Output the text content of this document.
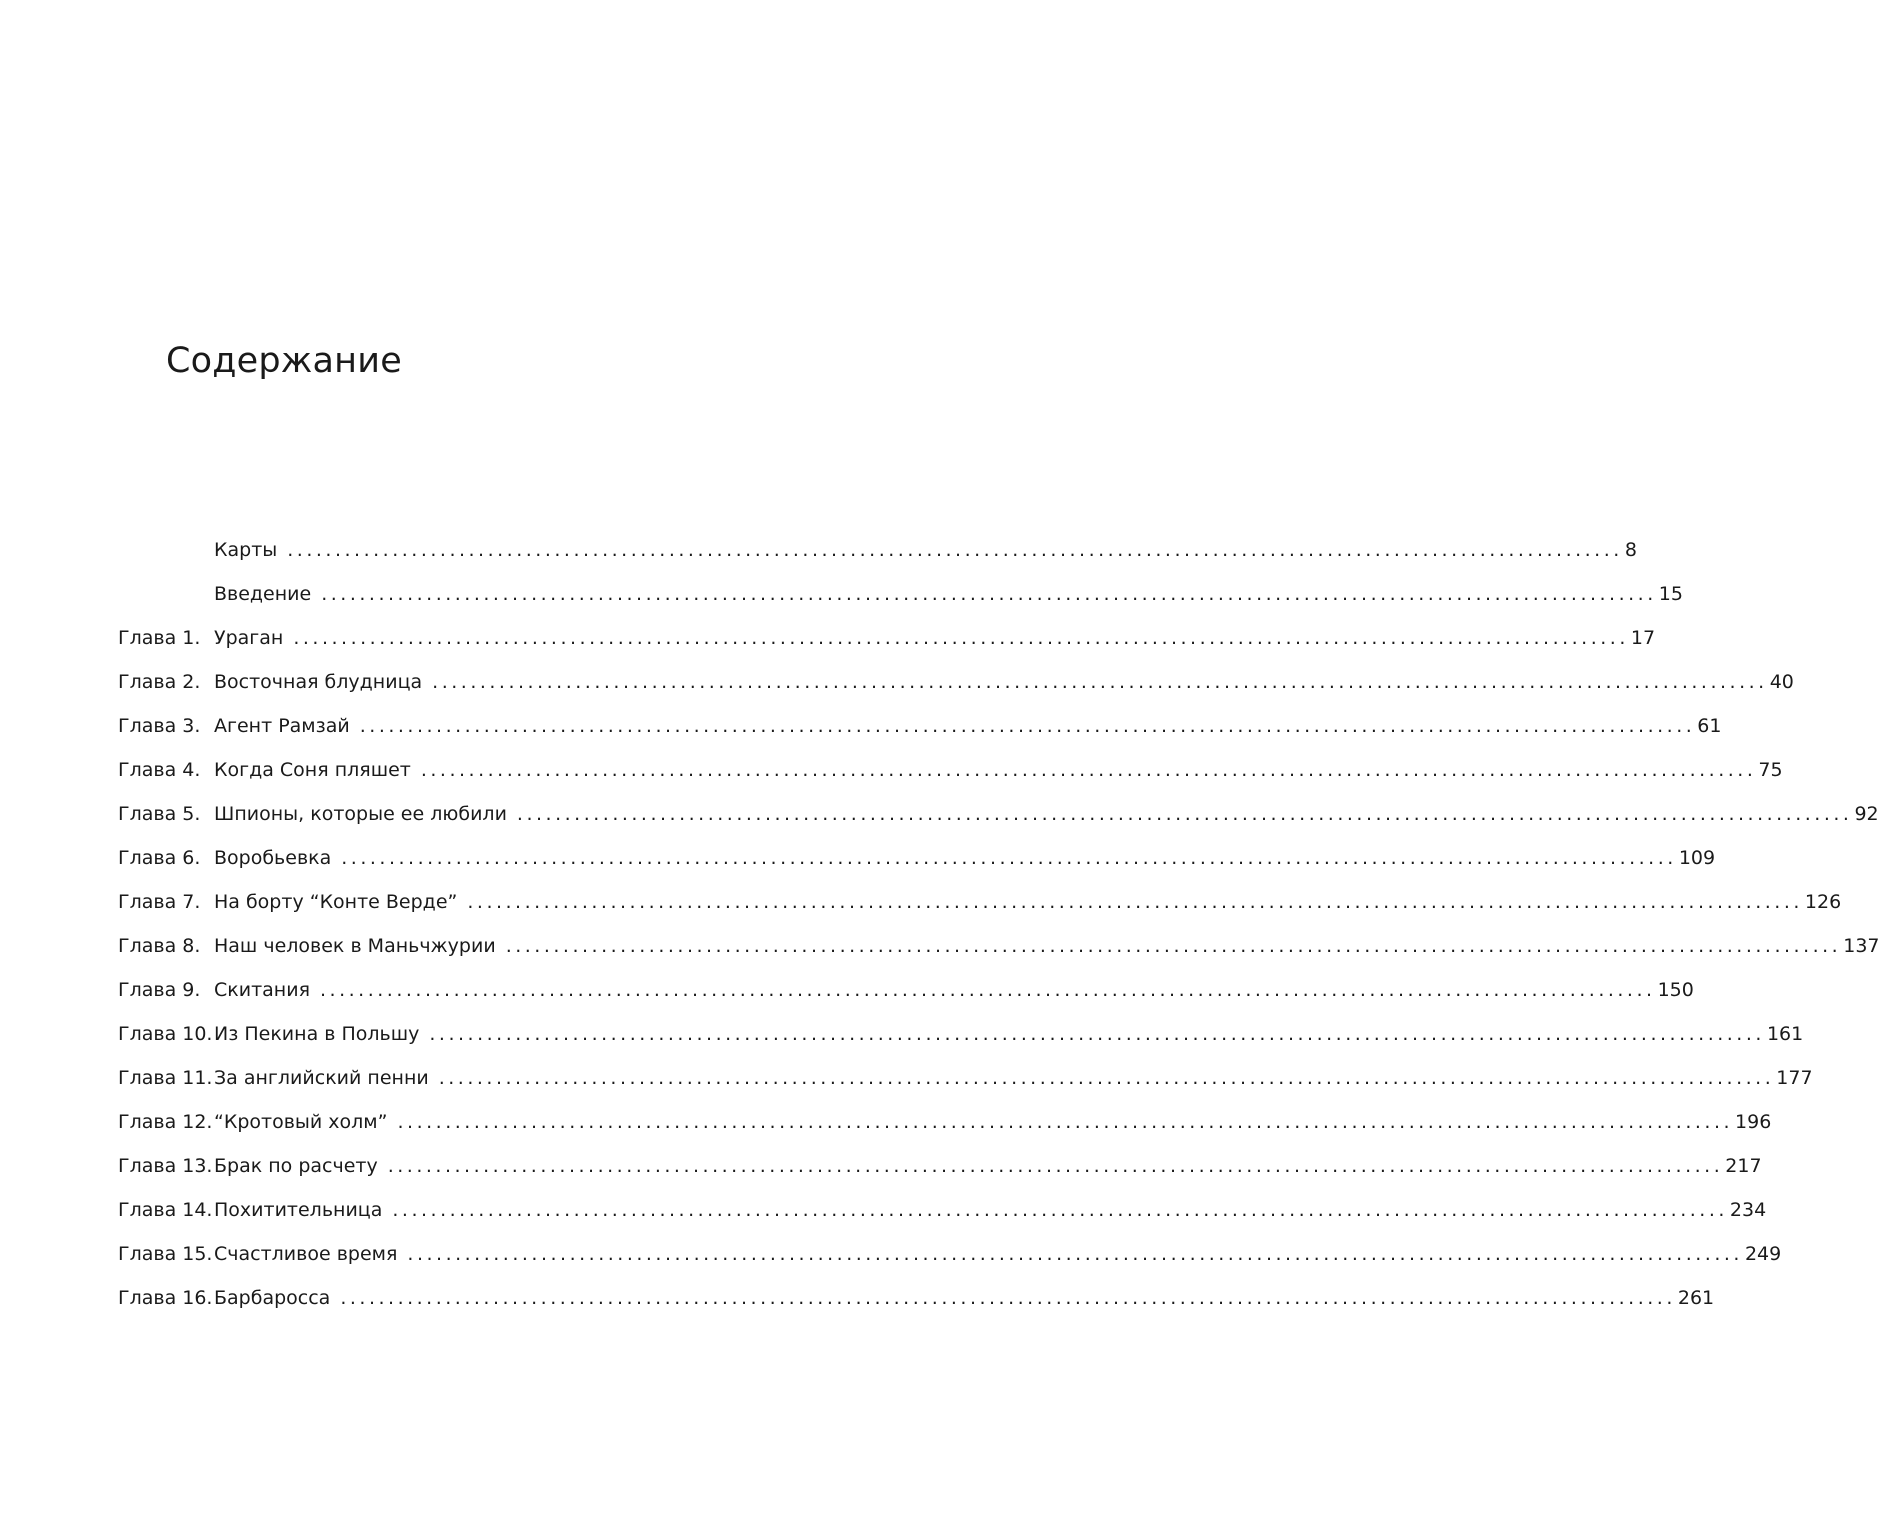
Содержание
Карты ............................................................................................................................................ 8
Введение ............................................................................................................................................ 15
Глава 1. Ураган ............................................................................................................................................ 17
Глава 2. Восточная блудница ............................................................................................................................................ 40
Глава 3. Агент Рамзай ............................................................................................................................................ 61
Глава 4. Когда Соня пляшет ............................................................................................................................................ 75
Глава 5. Шпионы, которые ее любили ............................................................................................................................................ 92
Глава 6. Воробьевка ............................................................................................................................................ 109
Глава 7. На борту “Конте Верде” ............................................................................................................................................ 126
Глава 8. Наш человек в Маньчжурии ............................................................................................................................................ 137
Глава 9. Скитания ............................................................................................................................................ 150
Глава 10. Из Пекина в Польшу ............................................................................................................................................ 161
Глава 11. За английский пенни ............................................................................................................................................ 177
Глава 12. “Кротовый холм” ............................................................................................................................................ 196
Глава 13. Брак по расчету ............................................................................................................................................ 217
Глава 14. Похитительница ............................................................................................................................................ 234
Глава 15. Счастливое время ............................................................................................................................................ 249
Глава 16. Барбаросса ............................................................................................................................................ 261
